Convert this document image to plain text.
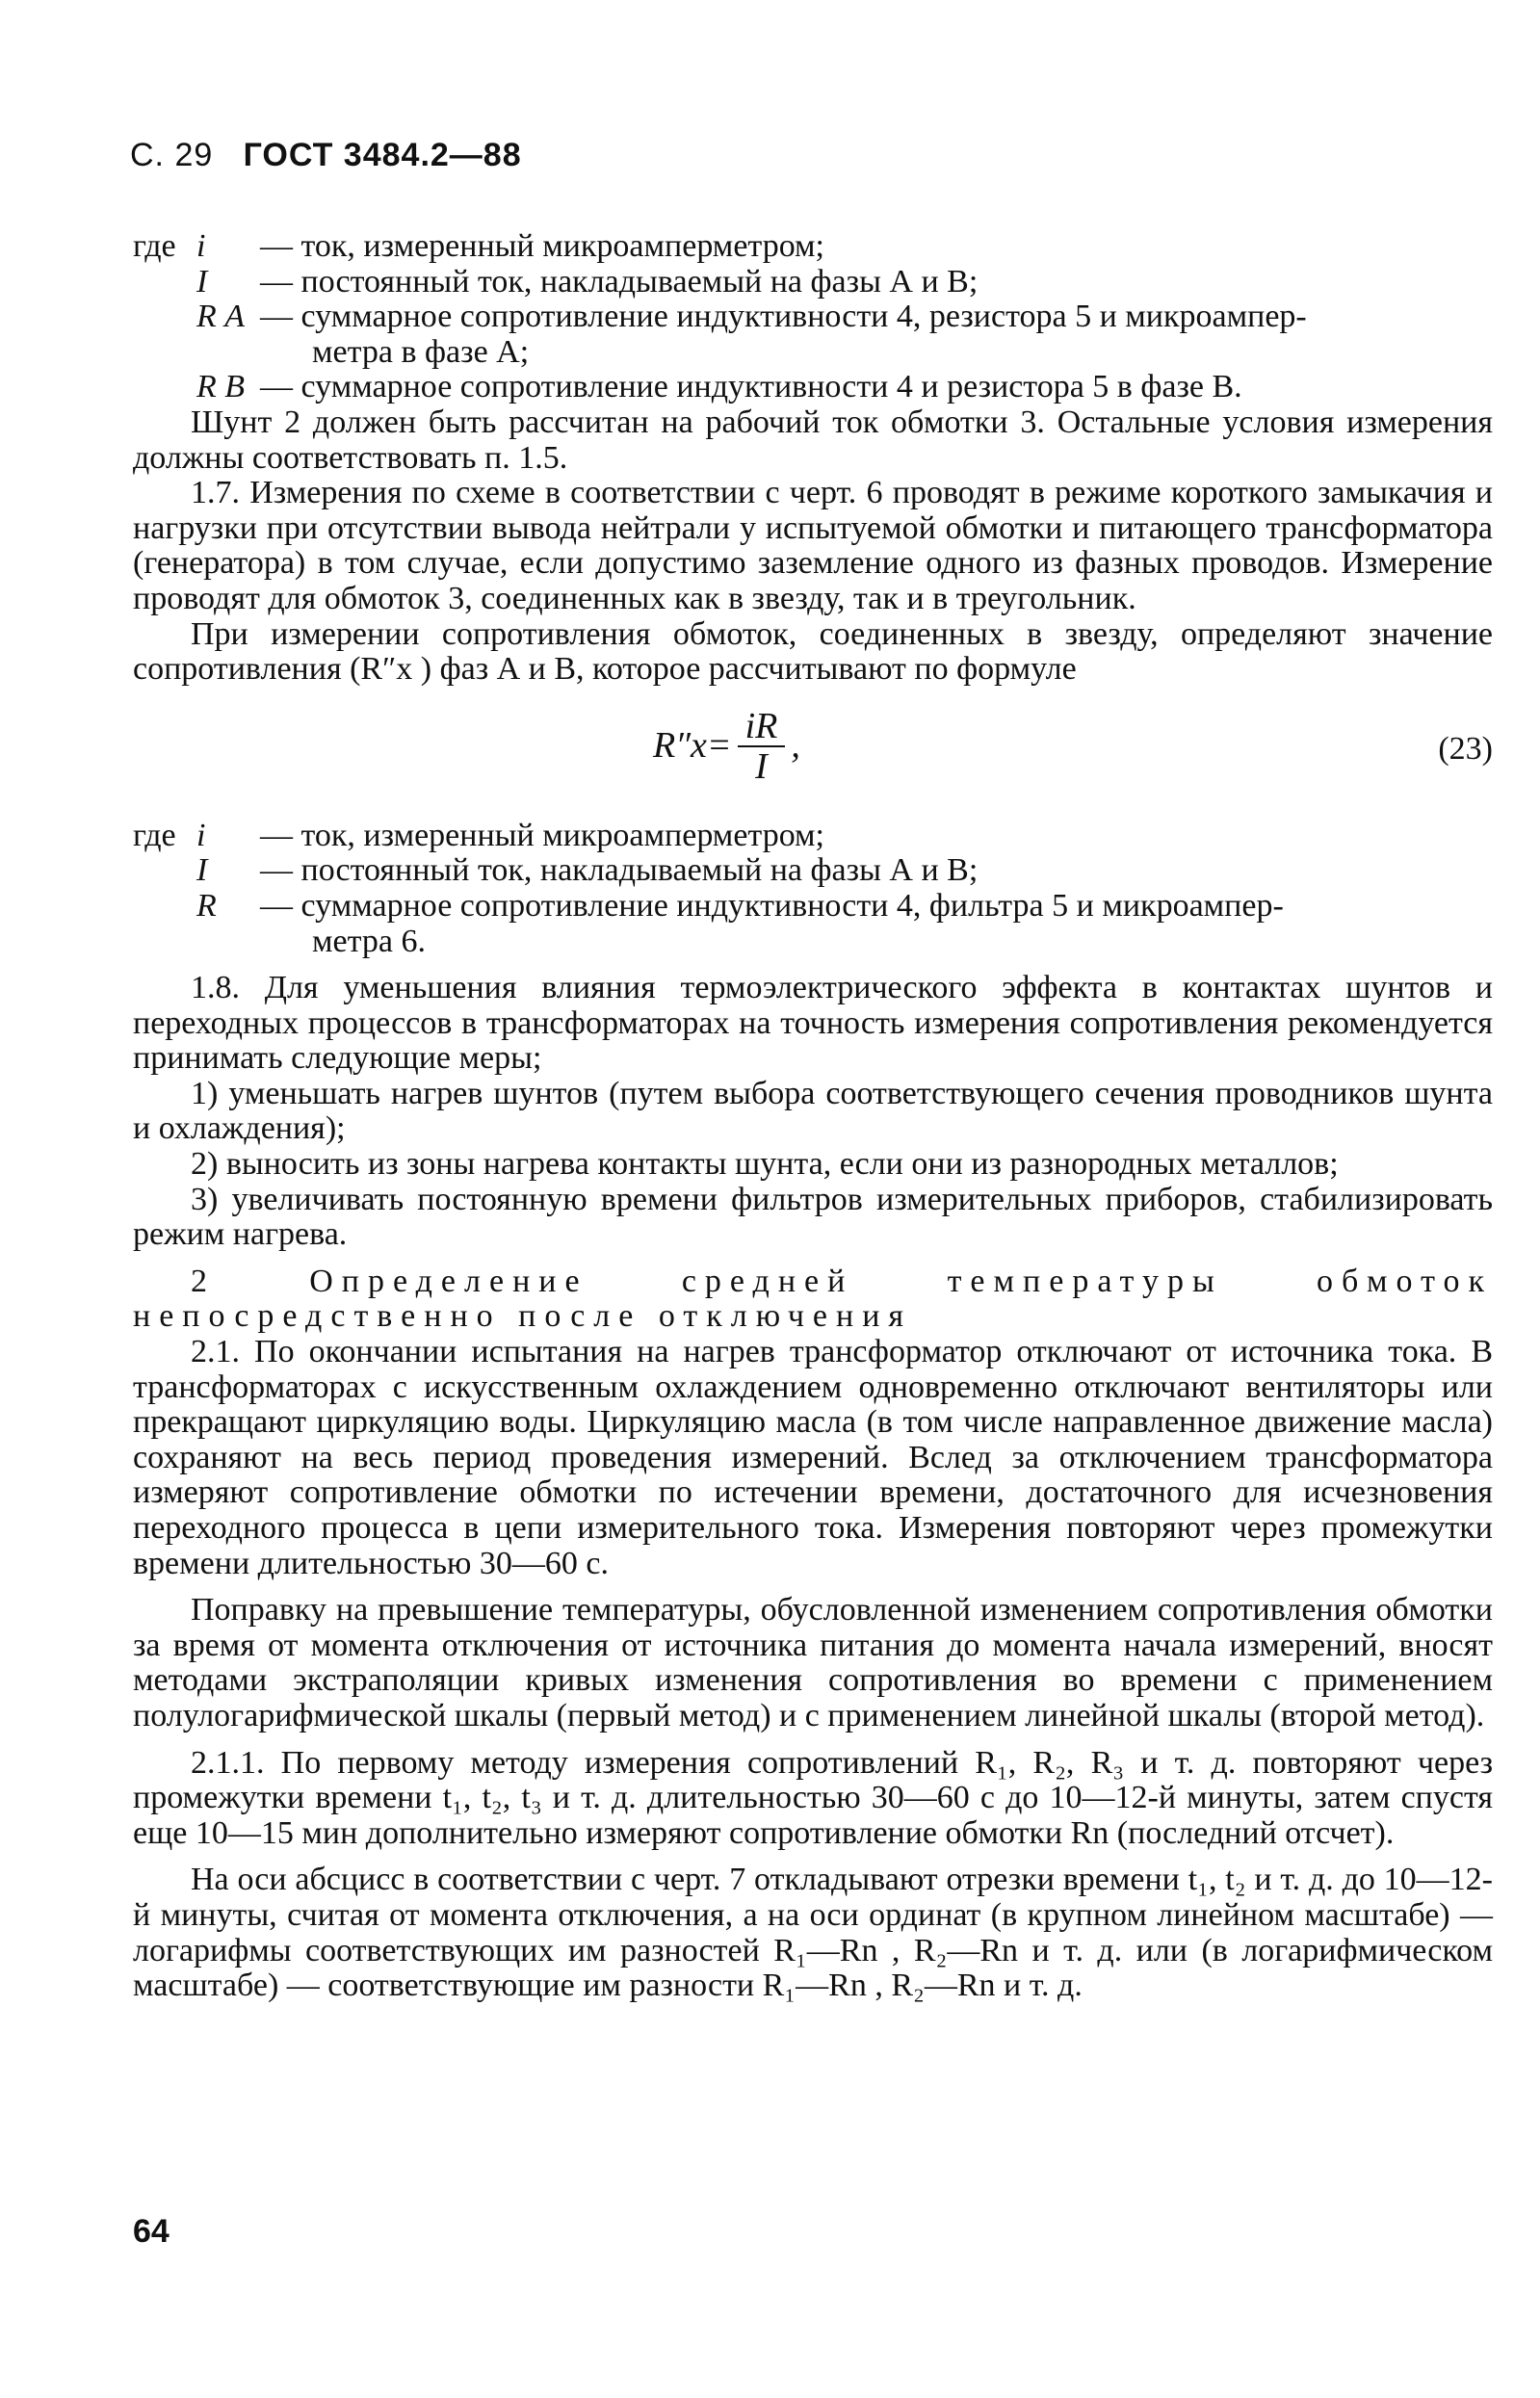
С. 29 ГОСТ 3484.2—88
где i	— ток, измеренный микроамперметром;
I	— постоянный ток, накладываемый на фазы А и В;
R А — суммарное сопротивление индуктивности 4, резистора 5 и микроампер-
метра в фазе А;
R В — суммарное сопротивление индуктивности 4 и резистора 5 в фазе В.

Шунт 2 должен быть рассчитан на рабочий ток обмотки 3. Остальные условия измерения должны соответствовать п. 1.5.

1.7. Измерения по схеме в соответствии с черт. 6 проводят в режиме короткого замыкачия и нагрузки при отсутствии вывода нейтрали у испытуемой обмотки и питающего трансформатора (генератора) в том случае, если допустимо заземление одного из фазных проводов. Измерение проводят для обмоток 3, соединенных как в звезду, так и в треугольник.

При измерении сопротивления обмоток, соединенных в звезду, определяют значение сопротивления (R″x ) фаз А и В, которое рассчитывают по формуле

$R''x= \frac{iR}{I}$ ,	(23)
где i	— ток, измеренный микроамперметром;
I	— постоянный ток, накладываемый на фазы А и В;
R	— суммарное сопротивление индуктивности 4, фильтра 5 и микроампер-
метра 6.

1.8. Для уменьшения влияния термоэлектрического эффекта в контактах шунтов и переходных процессов в трансформаторах на точность измерения сопротивления рекомендуется принимать следующие меры;

1) уменьшать нагрев шунтов (путем выбора соответствующего сечения проводников шунта и охлаждения);

2) выносить из зоны нагрева контакты шунта, если они из разнородных металлов;

3) увеличивать постоянную времени фильтров измерительных приборов, стабилизировать режим нагрева.

2 Определение средней температуры обмоток непосредственно после отключения

2.1. По окончании испытания на нагрев трансформатор отключают от источника тока. В трансформаторах с искусственным охлаждением одновременно отключают вентиляторы или прекращают циркуляцию воды. Циркуляцию масла (в том числе направленное движение масла) сохраняют на весь период проведения измерений. Вслед за отключением трансформатора измеряют сопротивление обмотки по истечении времени, достаточного для исчезновения переходного процесса в цепи измерительного тока. Измерения повторяют через промежутки времени длительностью 30—60 с.

Поправку на превышение температуры, обусловленной изменением сопротивления обмотки за время от момента отключения от источника питания до момента начала измерений, вносят методами экстраполяции кривых изменения сопротивления во времени с применением полулогарифмической шкалы (первый метод) и с применением линейной шкалы (второй метод).

2.1.1. По первому методу измерения сопротивлений R₁, R₂, R₃ и т. д. повторяют через промежутки времени t₁, t₂, t₃ и т. д. длительностью 30—60 с до 10—12-й минуты, затем спустя еще 10—15 мин дополнительно измеряют сопротивление обмотки Rn (последний отсчет).

На оси абсцисс в соответствии с черт. 7 откладывают отрезки времени t₁, t₂ и т. д. до 10—12-й минуты, считая от момента отключения, а на оси ординат (в крупном линейном масштабе) — логарифмы соответствующих им разностей R₁—Rn , R₂—Rn и т. д. или (в логарифмическом масштабе) — соответствующие им разности R₁—Rn , R₂—Rn и т. д.

64
